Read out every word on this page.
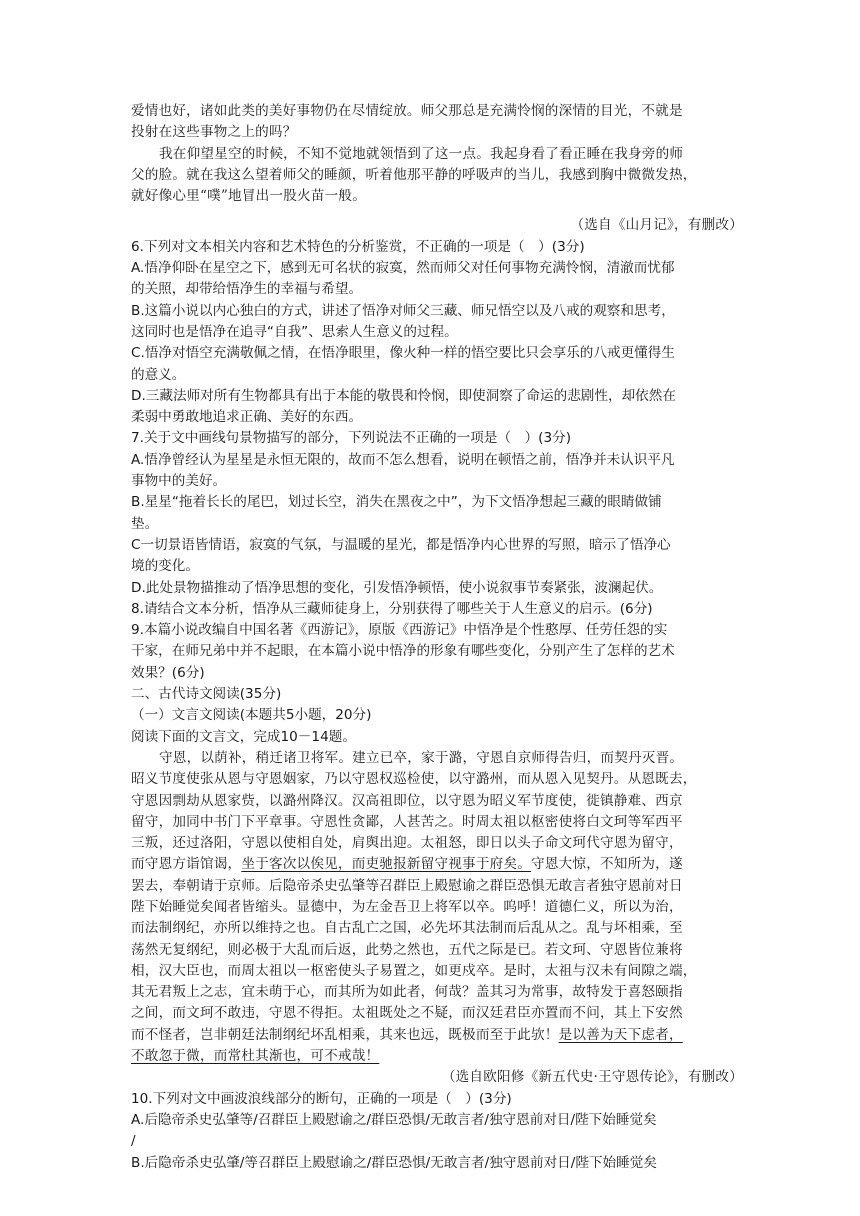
爱情也好，诸如此类的美好事物仍在尽情绽放。师父那总是充满怜悯的深情的目光，不就是
投射在这些事物之上的吗？
我在仰望星空的时候，不知不觉地就领悟到了这一点。我起身看了看正睡在我身旁的师
父的脸。就在我这么望着师父的睡颜，听着他那平静的呼吸声的当儿，我感到胸中微微发热，
就好像心里“噗”地冒出一股火苗一般。
（选自《山月记》，有删改）
6.下列对文本相关内容和艺术特色的分析鉴赏，不正确的一项是（　）(3分)
A.悟净仰卧在星空之下，感到无可名状的寂寞，然而师父对任何事物充满怜悯，清澈而忧郁
的关照，却带给悟净生的幸福与希望。
B.这篇小说以内心独白的方式，讲述了悟净对师父三藏、师兄悟空以及八戒的观察和思考，
这同时也是悟净在追寻“自我”、思索人生意义的过程。
C.悟净对悟空充满敬佩之情，在悟净眼里，像火种一样的悟空要比只会享乐的八戒更懂得生
的意义。
D.三藏法师对所有生物都具有出于本能的敬畏和怜悯，即使洞察了命运的悲剧性，却依然在
柔弱中勇敢地追求正确、美好的东西。
7.关于文中画线句景物描写的部分，下列说法不正确的一项是（　）(3分)
A.悟净曾经认为星星是永恒无限的，故而不怎么想看，说明在顿悟之前，悟净并未认识平凡
事物中的美好。
B.星星“拖着长长的尾巴，划过长空，消失在黑夜之中”，为下文悟净想起三藏的眼睛做铺
垫。
C一切景语皆情语，寂寞的气氛，与温暖的星光，都是悟净内心世界的写照，暗示了悟净心
境的变化。
D.此处景物描推动了悟净思想的变化，引发悟净顿悟，使小说叙事节奏紧张，波澜起伏。
8.请结合文本分析，悟净从三藏师徒身上，分别获得了哪些关于人生意义的启示。(6分)
9.本篇小说改编自中国名著《西游记》，原版《西游记》中悟净是个性憨厚、任劳任怨的实
干家，在师兄弟中并不起眼，在本篇小说中悟净的形象有哪些变化，分别产生了怎样的艺术
效果？(6分)
二、古代诗文阅读(35分)
（一）文言文阅读(本题共5小题，20分)
阅读下面的文言文，完成10－14题。
守恩，以荫补，稍迁诸卫将军。建立已卒，家于潞，守恩自京师得告归，而契丹灭晋。
昭义节度使张从恩与守恩姻家，乃以守恩权巡检使，以守潞州，而从恩入见契丹。从恩既去，
守恩因剽劫从恩家赀，以潞州降汉。汉高祖即位，以守恩为昭义军节度使，徙镇静难、西京
留守，加同中书门下平章事。守恩性贪鄙，人甚苦之。时周太祖以枢密使将白文珂等军西平
三叛，还过洛阳，守恩以使相自处，肩舆出迎。太祖怒，即日以头子命文珂代守恩为留守，
而守恩方诣馆谒，坐于客次以俟见，而吏驰报新留守视事于府矣。守恩大惊，不知所为，遂
罢去，奉朝请于京师。后隐帝杀史弘肇等召群臣上殿慰谕之群臣恐惧无敢言者独守恩前对日
陛下始睡觉矣闻者皆缩头。显德中，为左金吾卫上将军以卒。呜呼！道德仁义，所以为治，
而法制纲纪，亦所以维持之也。自古乱亡之国，必先坏其法制而后乱从之。乱与坏相乘，至
荡然无复纲纪，则必极于大乱而后返，此势之然也，五代之际是已。若文珂、守恩皆位兼将
相，汉大臣也，而周太祖以一枢密使头子易置之，如更戍卒。是时，太祖与汉未有间隙之端，
其无君叛上之志，宜未萌于心，而其所为如此者，何哉？盖其习为常事，故特发于喜怒颐指
之间，而文珂不敢违，守恩不得拒。太祖既处之不疑，而汉廷君臣亦置而不问，其上下安然
而不怪者，岂非朝廷法制纲纪坏乱相乘，其来也远，既极而至于此欤！是以善为天下虑者，
不敢忽于微，而常杜其渐也，可不戒哉！
（选自欧阳修《新五代史·王守恩传论》，有删改）
10.下列对文中画波浪线部分的断句，正确的一项是（　）(3分)
A.后隐帝杀史弘肇等/召群臣上殿慰谕之/群臣恐惧/无敢言者/独守恩前对日/陛下始睡觉矣
/
B.后隐帝杀史弘肇/等召群臣上殿慰谕之/群臣恐惧/无敢言者/独守恩前对日/陛下始睡觉矣
